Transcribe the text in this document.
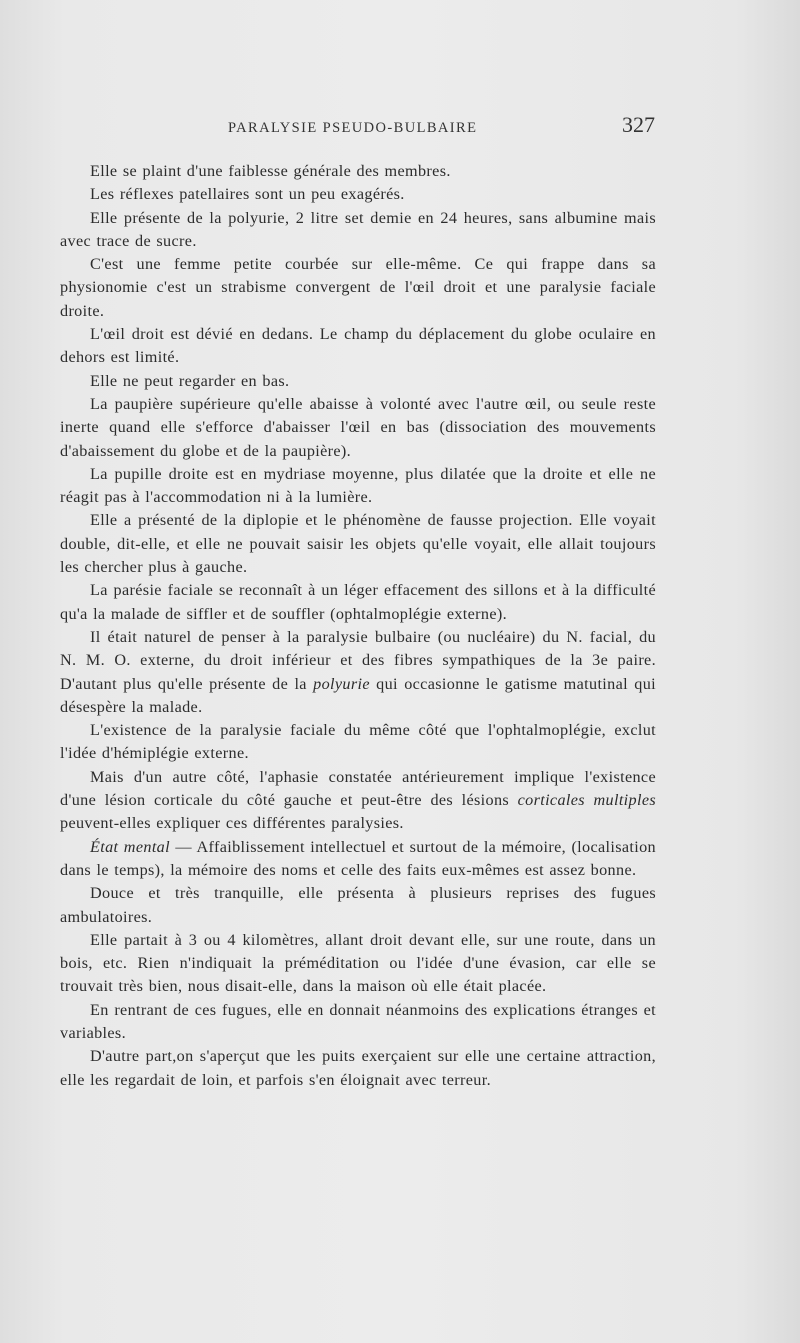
PARALYSIE PSEUDO-BULBAIRE	327

Elle se plaint d'une faiblesse générale des membres.

Les réflexes patellaires sont un peu exagérés.

Elle présente de la polyurie, 2 litre set demie en 24 heures, sans albumine mais avec trace de sucre.

C'est une femme petite courbée sur elle-même. Ce qui frappe dans sa physionomie c'est un strabisme convergent de l'œil droit et une paralysie faciale droite.

L'œil droit est dévié en dedans. Le champ du déplacement du globe oculaire en dehors est limité.

Elle ne peut regarder en bas.

La paupière supérieure qu'elle abaisse à volonté avec l'autre œil, ou seule reste inerte quand elle s'efforce d'abaisser l'œil en bas (dissociation des mouvements d'abaissement du globe et de la paupière).

La pupille droite est en mydriase moyenne, plus dilatée que la droite et elle ne réagit pas à l'accommodation ni à la lumière.

Elle a présenté de la diplopie et le phénomène de fausse projection. Elle voyait double, dit-elle, et elle ne pouvait saisir les objets qu'elle voyait, elle allait toujours les chercher plus à gauche.

La parésie faciale se reconnaît à un léger effacement des sillons et à la difficulté qu'a la malade de siffler et de souffler (ophtalmoplégie externe).

Il était naturel de penser à la paralysie bulbaire (ou nucléaire) du N. facial, du N. M. O. externe, du droit inférieur et des fibres sympathiques de la 3e paire. D'autant plus qu'elle présente de la polyurie qui occasionne le gatisme matutinal qui désespère la malade.

L'existence de la paralysie faciale du même côté que l'ophtalmoplégie, exclut l'idée d'hémiplégie externe.

Mais d'un autre côté, l'aphasie constatée antérieurement implique l'existence d'une lésion corticale du côté gauche et peut-être des lésions corticales multiples peuvent-elles expliquer ces différentes paralysies.

État mental — Affaiblissement intellectuel et surtout de la mémoire, (localisation dans le temps), la mémoire des noms et celle des faits eux-mêmes est assez bonne.

Douce et très tranquille, elle présenta à plusieurs reprises des fugues ambulatoires.

Elle partait à 3 ou 4 kilomètres, allant droit devant elle, sur une route, dans un bois, etc. Rien n'indiquait la préméditation ou l'idée d'une évasion, car elle se trouvait très bien, nous disait-elle, dans la maison où elle était placée.

En rentrant de ces fugues, elle en donnait néanmoins des explications étranges et variables.

D'autre part,on s'aperçut que les puits exerçaient sur elle une certaine attraction, elle les regardait de loin, et parfois s'en éloignait avec terreur.
